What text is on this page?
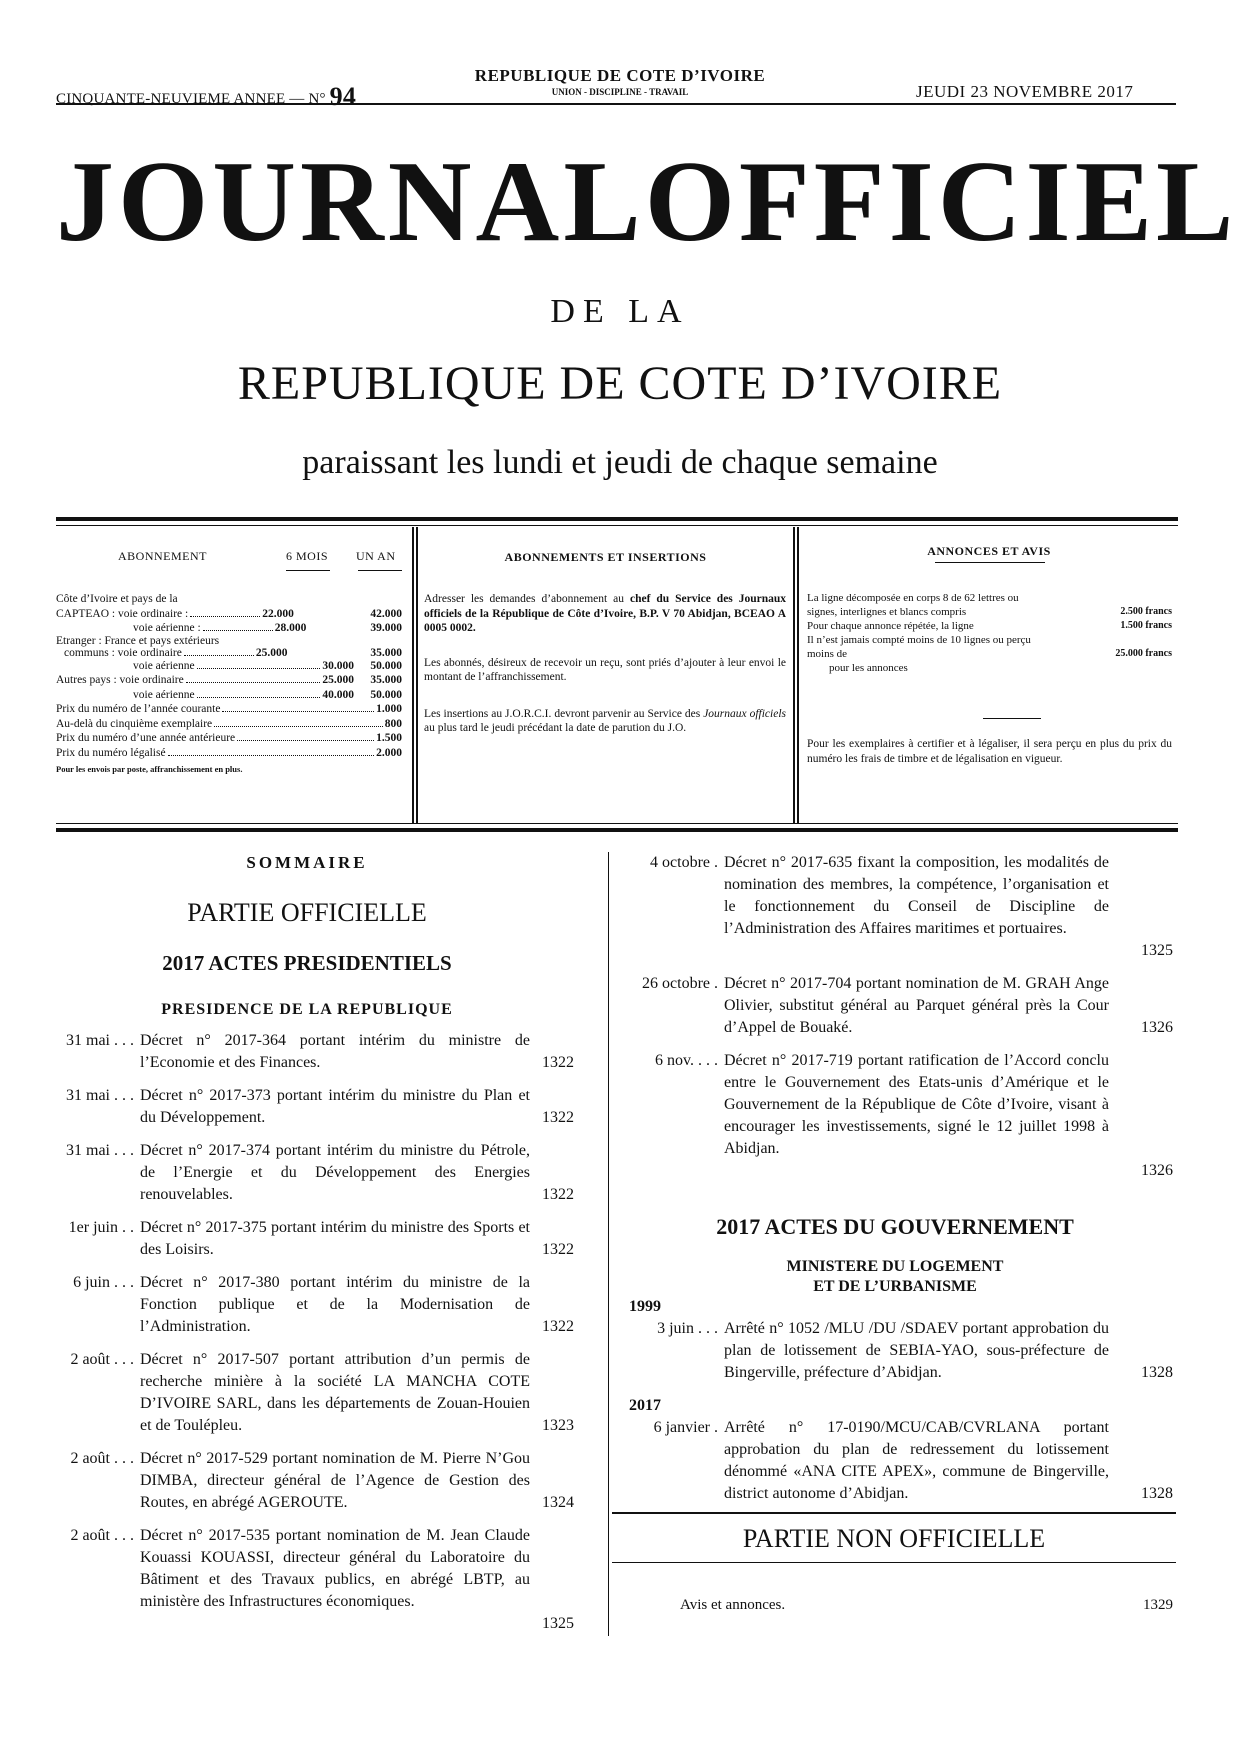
CINQUANTE-NEUVIEME ANNEE — N° 94
REPUBLIQUE DE COTE D’IVOIRE
UNION - DISCIPLINE - TRAVAIL	JEUDI 23 NOVEMBRE 2017
JOURNAL OFFICIEL
DE LA
REPUBLIQUE DE COTE D’IVOIRE
paraissant les lundi et jeudi de chaque semaine
ABONNEMENT	6 MOIS UN AN
Côte d’Ivoire et pays de la
CAPTEAO : voie ordinaire :	22.000	42.000
voie aérienne :	28.000	39.000
Etranger : France et pays extérieurs
communs : voie ordinaire	25.000	35.000
voie aérienne	30.000	50.000
Autres pays : voie ordinaire	25.000	35.000
voie aérienne	40.000	50.000
Prix du numéro de l’année courante	1.000
Au-delà du cinquième exemplaire	800
Prix du numéro d’une année antérieure	1.500
Prix du numéro légalisé	2.000
Pour les envois par poste, affranchissement en plus.
ABONNEMENTS ET INSERTIONS
Adresser les demandes d’abonnement au chef du Service des Journaux officiels de la République de Côte d’Ivoire, B.P. V 70 Abidjan, BCEAO A 0005 0002.
Les abonnés, désireux de recevoir un reçu, sont priés d’ajouter à leur envoi le montant de l’affranchissement.
Les insertions au J.O.R.C.I. devront parvenir au Service des Journaux officiels au plus tard le jeudi précédant la date de parution du J.O.
ANNONCES ET AVIS
La ligne décomposée en corps 8 de 62 lettres ou signes, interlignes et blancs compris	2.500 francs
Pour chaque annonce répétée, la ligne	1.500 francs
Il n’est jamais compté moins de 10 lignes ou perçu moins de	25.000 francs
pour les annonces
Pour les exemplaires à certifier et à légaliser, il sera perçu en plus du prix du numéro les frais de timbre et de légalisation en vigueur.
SOMMAIRE
PARTIE OFFICIELLE
2017 ACTES PRESIDENTIELS
PRESIDENCE DE LA REPUBLIQUE
31 mai . . . Décret n° 2017-364 portant intérim du ministre de l’Economie et des Finances.	1322
31 mai . . . Décret n° 2017-373 portant intérim du ministre du Plan et du Développement.	1322
31 mai . . . Décret n° 2017-374 portant intérim du ministre du Pétrole, de l’Energie et du Développement des Energies renouvelables.	1322
1er juin . . Décret n° 2017-375 portant intérim du ministre des Sports et des Loisirs.	1322
6 juin . . . Décret n° 2017-380 portant intérim du ministre de la Fonction publique et de la Modernisation de l’Administration.	1322
2 août . . . Décret n° 2017-507 portant attribution d’un permis de recherche minière à la société LA MANCHA COTE D’IVOIRE SARL, dans les départements de Zouan-Houien et de Touléplеu.	1323
2 août . . . Décret n° 2017-529 portant nomination de M. Pierre N’Gou DIMBA, directeur général de l’Agence de Gestion des Routes, en abrégé AGEROUTE.	1324
2 août . . . Décret n° 2017-535 portant nomination de M. Jean Claude Kouassi KOUASSI, directeur général du Laboratoire du Bâtiment et des Travaux publics, en abrégé LBTP, au ministère des Infrastructures économiques.
1325
4 octobre . Décret n° 2017-635 fixant la composition, les modalités de nomination des membres, la compétence, l’organisation et le fonctionnement du Conseil de Discipline de l’Administration des Affaires maritimes et portuaires.
1325
26 octobre . Décret n° 2017-704 portant nomination de M. GRAH Ange Olivier, substitut général au Parquet général près la Cour d’Appel de Bouaké.	1326
6 nov. . . . Décret n° 2017-719 portant ratification de l’Accord conclu entre le Gouvernement des Etats-unis d’Amérique et le Gouvernement de la République de Côte d’Ivoire, visant à encourager les investissements, signé le 12 juillet 1998 à Abidjan.
1326
2017 ACTES DU GOUVERNEMENT
MINISTERE DU LOGEMENT
ET DE L’URBANISME
1999
3 juin . . . Arrêté n° 1052 /MLU /DU /SDAEV portant approbation du plan de lotissement de SEBIA-YAO, sous-préfecture de Bingerville, préfecture d’Abidjan.	1328
2017
6 janvier . Arrêté n° 17-0190/MCU/CAB/CVRLANA portant approbation du plan de redressement du lotissement dénommé «ANA CITE APEX», commune de Bingerville, district autonome d’Abidjan.	1328
PARTIE NON OFFICIELLE
Avis et annonces.	1329
